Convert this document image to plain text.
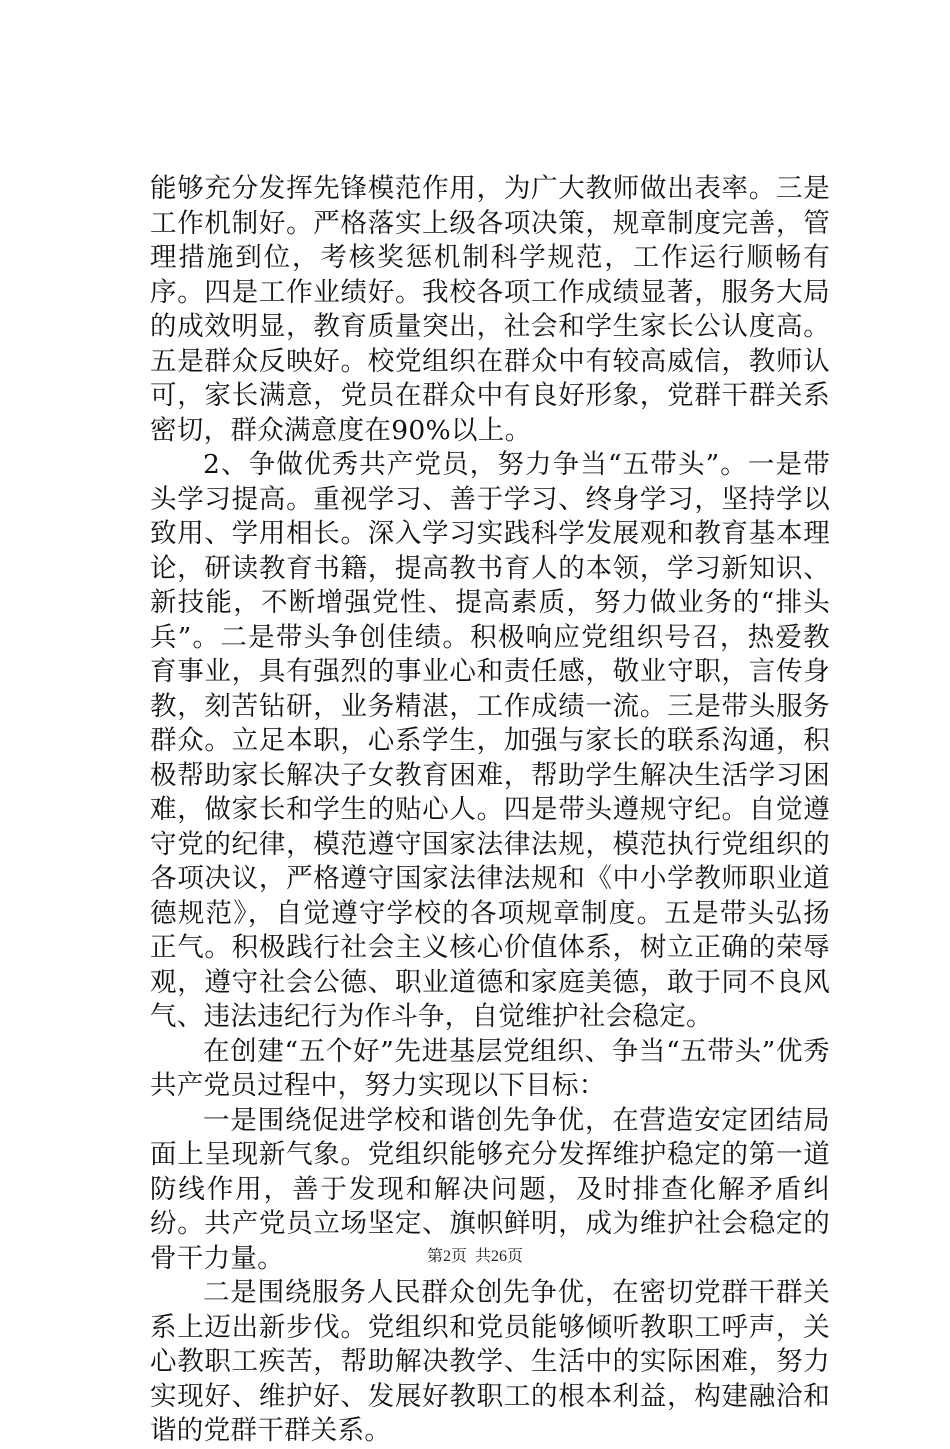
能够充分发挥先锋模范作用，为广大教师做出表率。三是工作机制好。严格落实上级各项决策，规章制度完善，管理措施到位，考核奖惩机制科学规范，工作运行顺畅有序。四是工作业绩好。我校各项工作成绩显著，服务大局的成效明显，教育质量突出，社会和学生家长公认度高。五是群众反映好。校党组织在群众中有较高威信，教师认可，家长满意，党员在群众中有良好形象，党群干群关系密切，群众满意度在90%以上。

2、争做优秀共产党员，努力争当“五带头”。一是带头学习提高。重视学习、善于学习、终身学习，坚持学以致用、学用相长。深入学习实践科学发展观和教育基本理论，研读教育书籍，提高教书育人的本领，学习新知识、新技能，不断增强党性、提高素质，努力做业务的“排头兵”。二是带头争创佳绩。积极响应党组织号召，热爱教育事业，具有强烈的事业心和责任感，敬业守职，言传身教，刻苦钻研，业务精湛，工作成绩一流。三是带头服务群众。立足本职，心系学生，加强与家长的联系沟通，积极帮助家长解决子女教育困难，帮助学生解决生活学习困难，做家长和学生的贴心人。四是带头遵规守纪。自觉遵守党的纪律，模范遵守国家法律法规，模范执行党组织的各项决议，严格遵守国家法律法规和《中小学教师职业道德规范》，自觉遵守学校的各项规章制度。五是带头弘扬正气。积极践行社会主义核心价值体系，树立正确的荣辱观，遵守社会公德、职业道德和家庭美德，敢于同不良风气、违法违纪行为作斗争，自觉维护社会稳定。

在创建“五个好”先进基层党组织、争当“五带头”优秀共产党员过程中，努力实现以下目标：

一是围绕促进学校和谐创先争优，在营造安定团结局面上呈现新气象。党组织能够充分发挥维护稳定的第一道防线作用，善于发现和解决问题，及时排查化解矛盾纠纷。共产党员立场坚定、旗帜鲜明，成为维护社会稳定的骨干力量。

二是围绕服务人民群众创先争优，在密切党群干群关系上迈出新步伐。党组织和党员能够倾听教职工呼声，关心教职工疾苦，帮助解决教学、生活中的实际困难，努力实现好、维护好、发展好教职工的根本利益，构建融洽和谐的党群干群关系。

第2页  共26页
